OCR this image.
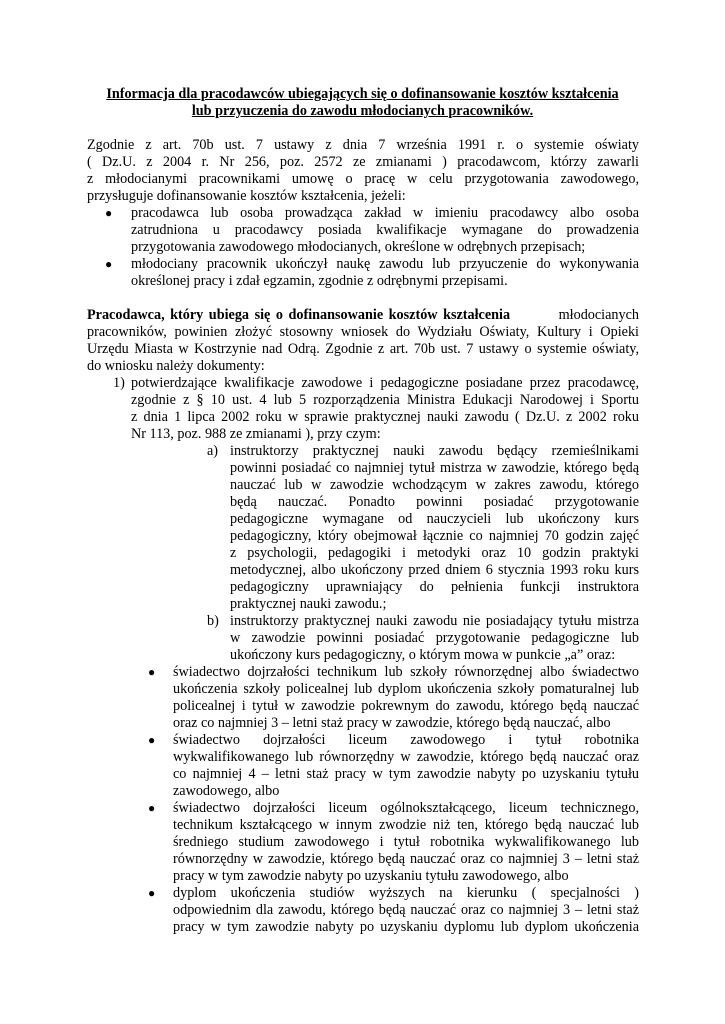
Informacja dla pracodawców ubiegających się o dofinansowanie kosztów kształcenia
lub przyuczenia do zawodu młodocianych pracowników.
Zgodnie z art. 70b ust. 7 ustawy z dnia 7 września 1991 r. o systemie oświaty
( Dz.U. z 2004 r. Nr 256, poz. 2572 ze zmianami ) pracodawcom, którzy zawarli
z młodocianymi pracownikami umowę o pracę w celu przygotowania zawodowego,
przysługuje dofinansowanie kosztów kształcenia, jeżeli:
● pracodawca lub osoba prowadząca zakład w imieniu pracodawcy albo osoba
zatrudniona u pracodawcy posiada kwalifikacje wymagane do prowadzenia
przygotowania zawodowego młodocianych, określone w odrębnych przepisach;
● młodociany pracownik ukończył naukę zawodu lub przyuczenie do wykonywania
określonej pracy i zdał egzamin, zgodnie z odrębnymi przepisami.
Pracodawca, który ubiega się o dofinansowanie kosztów kształcenia	młodocianych
pracowników, powinien złożyć stosowny wniosek do Wydziału Oświaty, Kultury i Opieki
Urzędu Miasta w Kostrzynie nad Odrą. Zgodnie z art. 70b ust. 7 ustawy o systemie oświaty,
do wniosku należy dokumenty:
1) potwierdzające kwalifikacje zawodowe i pedagogiczne posiadane przez pracodawcę,
zgodnie z § 10 ust. 4 lub 5 rozporządzenia Ministra Edukacji Narodowej i Sportu
z dnia 1 lipca 2002 roku w sprawie praktycznej nauki zawodu ( Dz.U. z 2002 roku
Nr 113, poz. 988 ze zmianami ), przy czym:
a) instruktorzy praktycznej nauki zawodu będący rzemieślnikami
powinni posiadać co najmniej tytuł mistrza w zawodzie, którego będą
nauczać lub w zawodzie wchodzącym w zakres zawodu, którego
będą nauczać. Ponadto powinni posiadać przygotowanie
pedagogiczne wymagane od nauczycieli lub ukończony kurs
pedagogiczny, który obejmował łącznie co najmniej 70 godzin zajęć
z psychologii, pedagogiki i metodyki oraz 10 godzin praktyki
metodycznej, albo ukończony przed dniem 6 stycznia 1993 roku kurs
pedagogiczny uprawniający do pełnienia funkcji instruktora
praktycznej nauki zawodu.;
b) instruktorzy praktycznej nauki zawodu nie posiadający tytułu mistrza
w zawodzie powinni posiadać przygotowanie pedagogiczne lub
ukończony kurs pedagogiczny, o którym mowa w punkcie „a” oraz:
● świadectwo dojrzałości technikum lub szkoły równorzędnej albo świadectwo
ukończenia szkoły policealnej lub dyplom ukończenia szkoły pomaturalnej lub
policealnej i tytuł w zawodzie pokrewnym do zawodu, którego będą nauczać
oraz co najmniej 3 – letni staż pracy w zawodzie, którego będą nauczać, albo
● świadectwo dojrzałości liceum zawodowego i tytuł robotnika
wykwalifikowanego lub równorzędny w zawodzie, którego będą nauczać oraz
co najmniej 4 – letni staż pracy w tym zawodzie nabyty po uzyskaniu tytułu
zawodowego, albo
● świadectwo dojrzałości liceum ogólnokształcącego, liceum technicznego,
technikum kształcącego w innym zwodzie niż ten, którego będą nauczać lub
średniego studium zawodowego i tytuł robotnika wykwalifikowanego lub
równorzędny w zawodzie, którego będą nauczać oraz co najmniej 3 – letni staż
pracy w tym zawodzie nabyty po uzyskaniu tytułu zawodowego, albo
● dyplom ukończenia studiów wyższych na kierunku ( specjalności )
odpowiednim dla zawodu, którego będą nauczać oraz co najmniej 3 – letni staż
pracy w tym zawodzie nabyty po uzyskaniu dyplomu lub dyplom ukończenia
